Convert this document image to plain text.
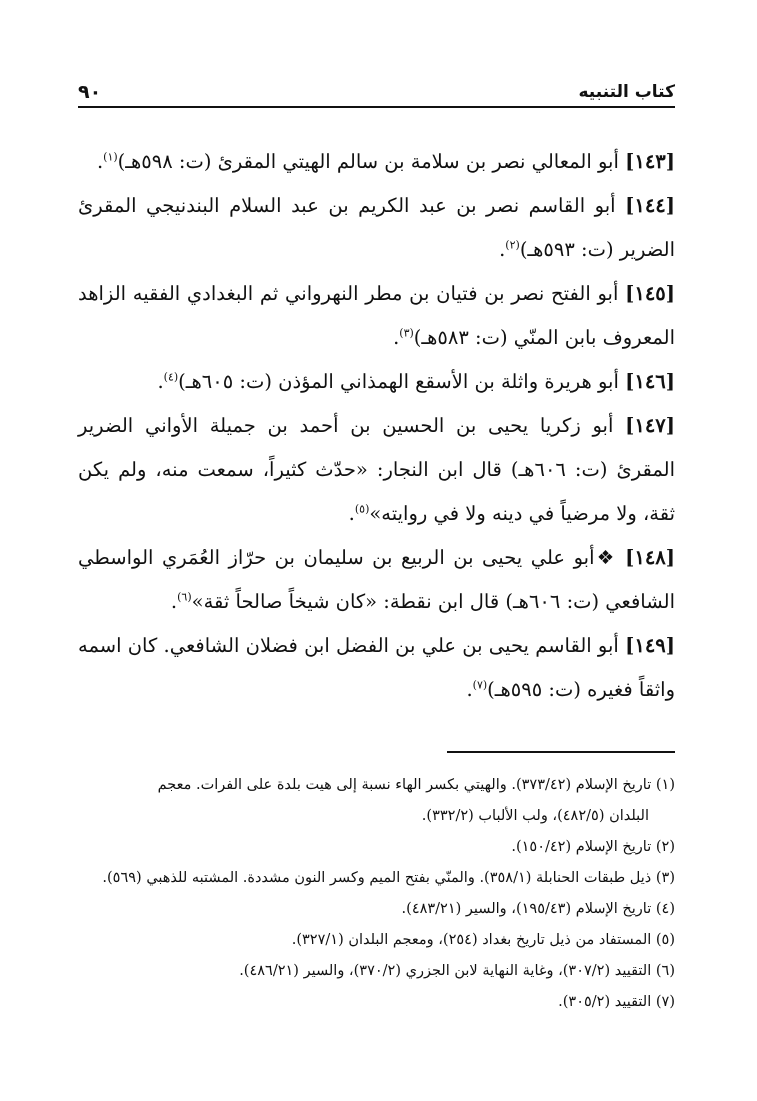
كتاب التنبيه
٩٠

[١٤٣] أبو المعالي نصر بن سلامة بن سالم الهيتي المقرئ (ت: ٥٩٨هـ)$^{(١)}$.

[١٤٤] أبو القاسم نصر بن عبد الكريم بن عبد السلام البندنيجي المقرئ الضرير (ت: ٥٩٣هـ)$^{(٢)}$.

[١٤٥] أبو الفتح نصر بن فتيان بن مطر النهرواني ثم البغدادي الفقيه الزاهد المعروف بابن المنّي (ت: ٥٨٣هـ)$^{(٣)}$.

[١٤٦] أبو هريرة واثلة بن الأسقع الهمذاني المؤذن (ت: ٦٠٥هـ)$^{(٤)}$.

[١٤٧] أبو زكريا يحيى بن الحسين بن أحمد بن جميلة الأواني الضرير المقرئ (ت: ٦٠٦هـ) قال ابن النجار: «حدّث كثيراً، سمعت منه، ولم يكن ثقة، ولا مرضياً في دينه ولا في روايته»$^{(٥)}$.

[١٤٨] ❖أبو علي يحيى بن الربيع بن سليمان بن حرّاز العُمَري الواسطي الشافعي (ت: ٦٠٦هـ) قال ابن نقطة: «كان شيخاً صالحاً ثقة»$^{(٦)}$.

[١٤٩] أبو القاسم يحيى بن علي بن الفضل ابن فضلان الشافعي. كان اسمه واثقاً فغيره (ت: ٥٩٥هـ)$^{(٧)}$.

(١) تاريخ الإسلام (٣٧٣/٤٢). والهيتي بكسر الهاء نسبة إلى هيت بلدة على الفرات. معجم

البلدان (٤٨٢/٥)، ولب الألباب (٣٣٢/٢).

(٢) تاريخ الإسلام (١٥٠/٤٢).

(٣) ذيل طبقات الحنابلة (٣٥٨/١). والمنّي بفتح الميم وكسر النون مشددة. المشتبه للذهبي (٥٦٩).

(٤) تاريخ الإسلام (١٩٥/٤٣)، والسير (٤٨٣/٢١).

(٥) المستفاد من ذيل تاريخ بغداد (٢٥٤)، ومعجم البلدان (٣٢٧/١).

(٦) التقييد (٣٠٧/٢)، وغاية النهاية لابن الجزري (٣٧٠/٢)، والسير (٤٨٦/٢١).

(٧) التقييد (٣٠٥/٢).
